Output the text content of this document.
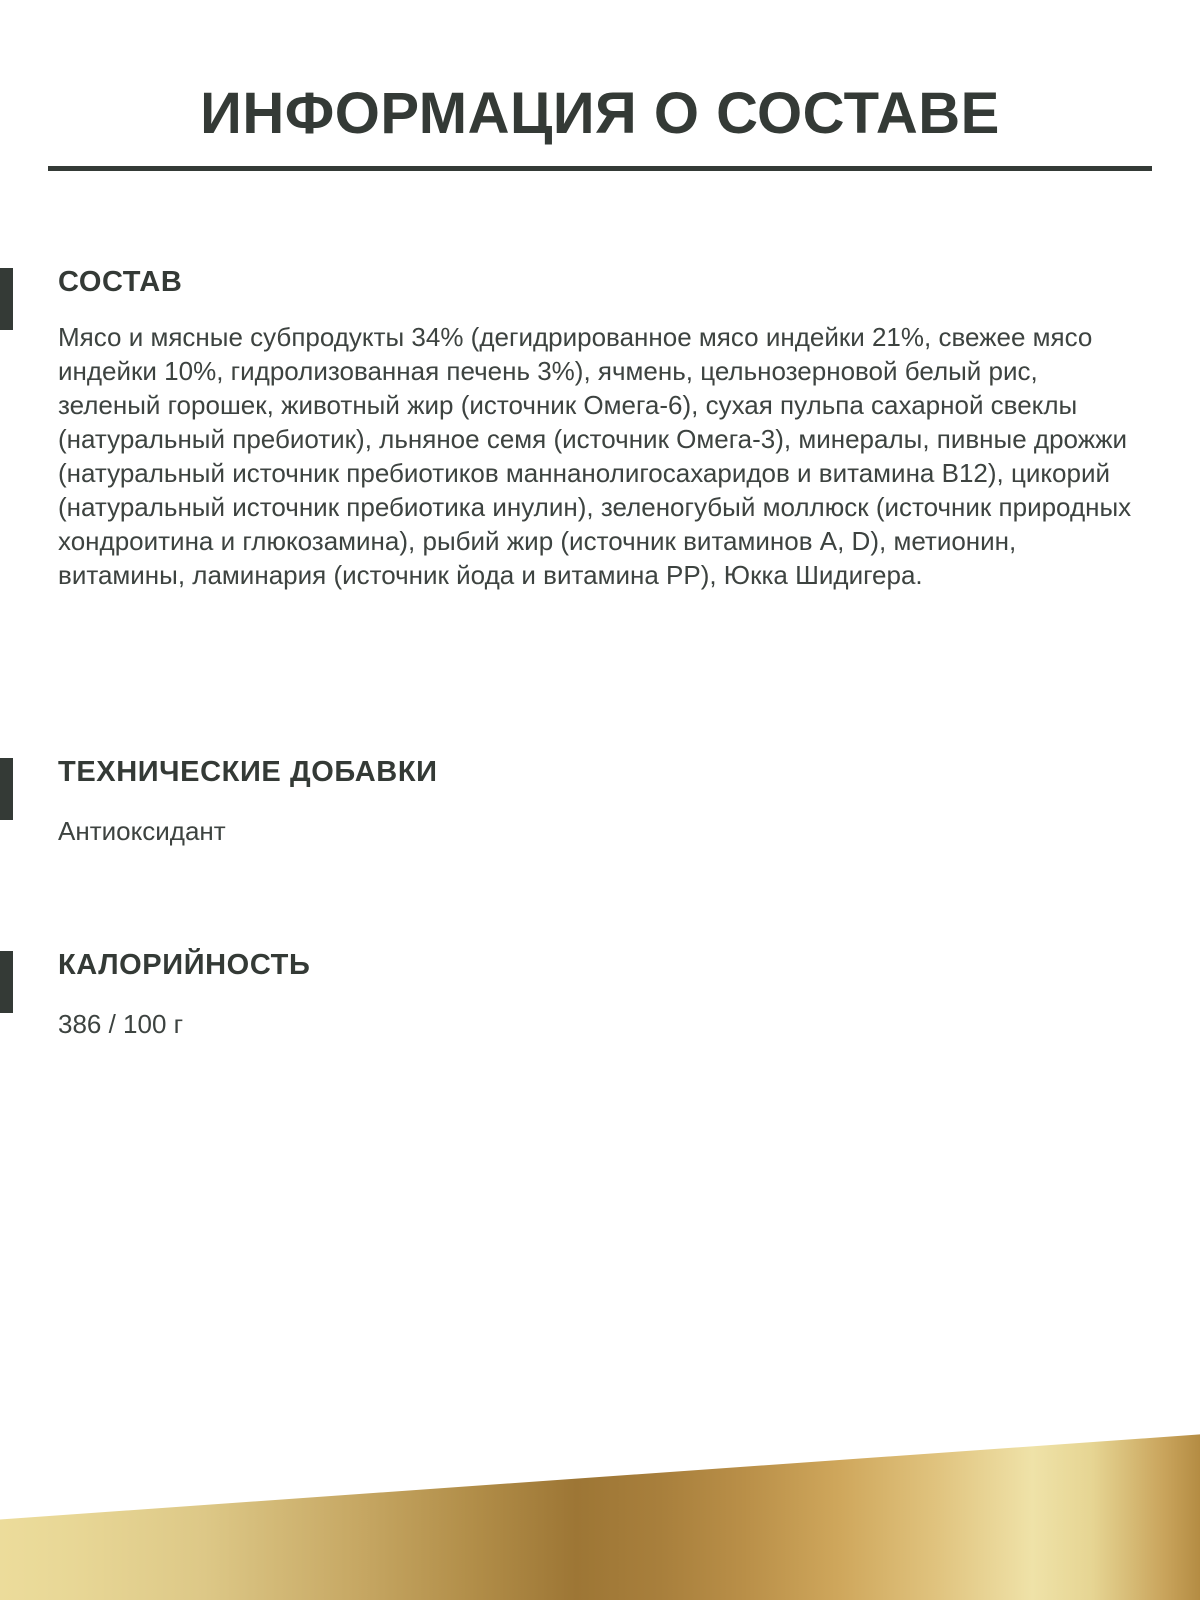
ИНФОРМАЦИЯ О СОСТАВЕ
СОСТАВ

Мясо и мясные субпродукты 34% (дегидрированное мясо индейки 21%, свежее мясо индейки 10%, гидролизованная печень 3%), ячмень, цельнозерновой белый рис, зеленый горошек, животный жир (источник Омега-6), сухая пульпа сахарной свеклы (натуральный пребиотик), льняное семя (источник Омега-3), минералы, пивные дрожжи (натуральный источник пребиотиков маннанолигосахаридов и витамина B12), цикорий (натуральный источник пребиотика инулин), зеленогубый моллюск (источник природных хондроитина и глюкозамина), рыбий жир (источник витаминов A, D), метионин, витамины, ламинария (источник йода и витамина PP), Юкка Шидигера.

ТЕХНИЧЕСКИЕ ДОБАВКИ

Антиоксидант

КАЛОРИЙНОСТЬ

386 / 100 г
